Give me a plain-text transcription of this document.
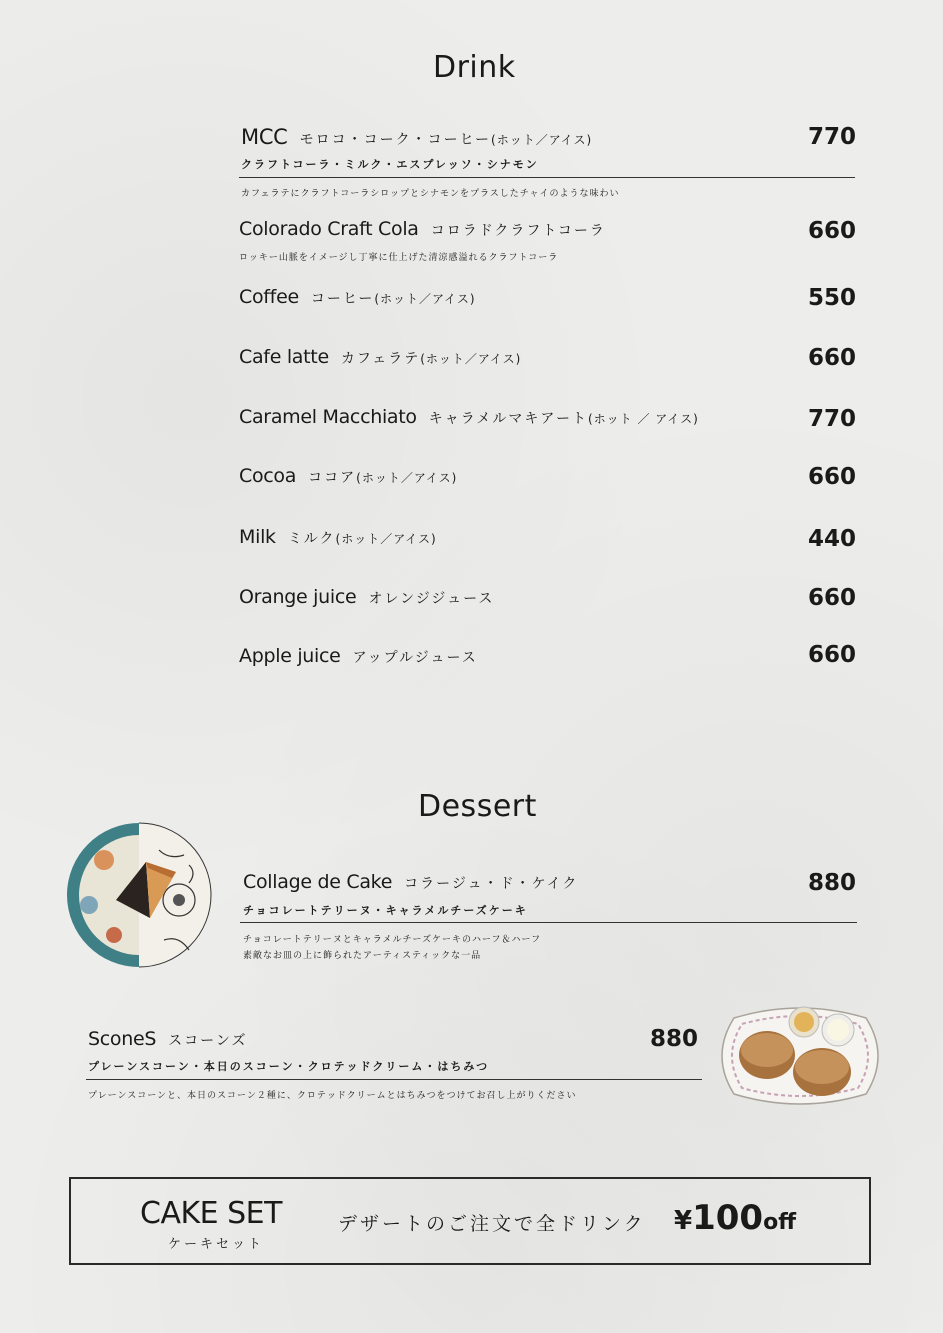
Drink
MCC モロコ・コーク・コーヒー(ホット／アイス)	770
クラフトコーラ・ミルク・エスプレッソ・シナモン
カフェラテにクラフトコーラシロップとシナモンをプラスしたチャイのような味わい
Colorado Craft Cola コロラドクラフトコーラ	660
ロッキー山脈をイメージし丁寧に仕上げた清涼感溢れるクラフトコーラ
Coffee コーヒー(ホット／アイス)	550
Cafe latte カフェラテ(ホット／アイス)	660
Caramel Macchiato キャラメルマキアート(ホット ／ アイス)	770
Cocoa ココア(ホット／アイス)	660
Milk ミルク(ホット／アイス)	440
Orange juice オレンジジュース	660
Apple juice アップルジュース	660
Dessert
Collage de Cake コラージュ・ド・ケイク	880
チョコレートテリーヌ・キャラメルチーズケーキ
チョコレートテリーヌとキャラメルチーズケーキのハーフ＆ハーフ
素敵なお皿の上に飾られたアーティスティックな一品
SconeS スコーンズ	880
プレーンスコーン・本日のスコーン・クロテッドクリーム・はちみつ
プレーンスコーンと、本日のスコーン２種に、クロテッドクリームとはちみつをつけてお召し上がりください
CAKE SET
ケーキセット
デザートのご注文で全ドリンク ¥100off
